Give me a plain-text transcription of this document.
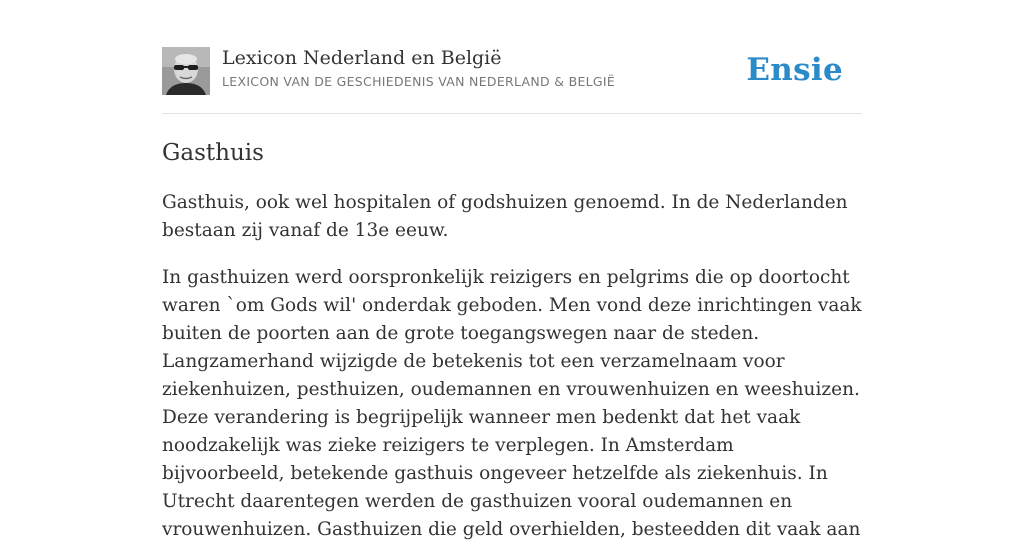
Lexicon Nederland en België
LEXICON VAN DE GESCHIEDENIS VAN NEDERLAND & BELGIË	Ensie
Gasthuis

Gasthuis, ook wel hospitalen of godshuizen genoemd. In de Nederlanden bestaan zij vanaf de 13e eeuw.

In gasthuizen werd oorspronkelijk reizigers en pelgrims die op doortocht waren `om Gods wil' onderdak geboden. Men vond deze inrichtingen vaak buiten de poorten aan de grote toegangswegen naar de steden. Langzamerhand wijzigde de betekenis tot een verzamelnaam voor ziekenhuizen, pesthuizen, oudemannen en vrouwenhuizen en weeshuizen. Deze verandering is begrijpelijk wanneer men bedenkt dat het vaak noodzakelijk was zieke reizigers te verplegen. In Amsterdam bijvoorbeeld, betekende gasthuis ongeveer hetzelfde als ziekenhuis. In Utrecht daarentegen werden de gasthuizen vooral oudemannen en vrouwenhuizen. Gasthuizen die geld overhielden, besteedden dit vaak aan
